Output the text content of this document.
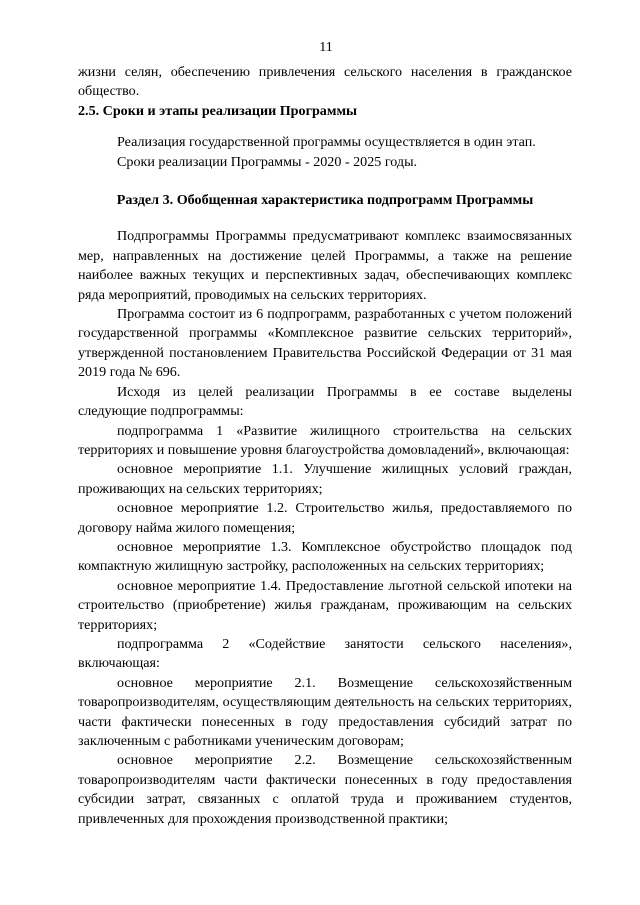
11

жизни селян, обеспечению привлечения сельского населения в гражданское общество.

2.5. Сроки и этапы реализации Программы

Реализация государственной программы осуществляется в один этап.

Сроки реализации Программы - 2020 - 2025 годы.

Раздел 3. Обобщенная характеристика подпрограмм Программы

Подпрограммы Программы предусматривают комплекс взаимосвязанных мер, направленных на достижение целей Программы, а также на решение наиболее важных текущих и перспективных задач, обеспечивающих комплекс ряда мероприятий, проводимых на сельских территориях.

Программа состоит из 6 подпрограмм, разработанных с учетом положений государственной программы «Комплексное развитие сельских территорий», утвержденной постановлением Правительства Российской Федерации от 31 мая 2019 года № 696.

Исходя из целей реализации Программы в ее составе выделены следующие подпрограммы:

подпрограмма 1 «Развитие жилищного строительства на сельских территориях и повышение уровня благоустройства домовладений», включающая:

основное мероприятие 1.1. Улучшение жилищных условий граждан, проживающих на сельских территориях;

основное мероприятие 1.2. Строительство жилья, предоставляемого по договору найма жилого помещения;

основное мероприятие 1.3. Комплексное обустройство площадок под компактную жилищную застройку, расположенных на сельских территориях;

основное мероприятие 1.4. Предоставление льготной сельской ипотеки на строительство (приобретение) жилья гражданам, проживающим на сельских территориях;

подпрограмма 2 «Содействие занятости сельского населения», включающая:

основное мероприятие 2.1. Возмещение сельскохозяйственным товаропроизводителям, осуществляющим деятельность на сельских территориях, части фактически понесенных в году предоставления субсидий затрат по заключенным с работниками ученическим договорам;

основное мероприятие 2.2. Возмещение сельскохозяйственным товаропроизводителям части фактически понесенных в году предоставления субсидии затрат, связанных с оплатой труда и проживанием студентов, привлеченных для прохождения производственной практики;
